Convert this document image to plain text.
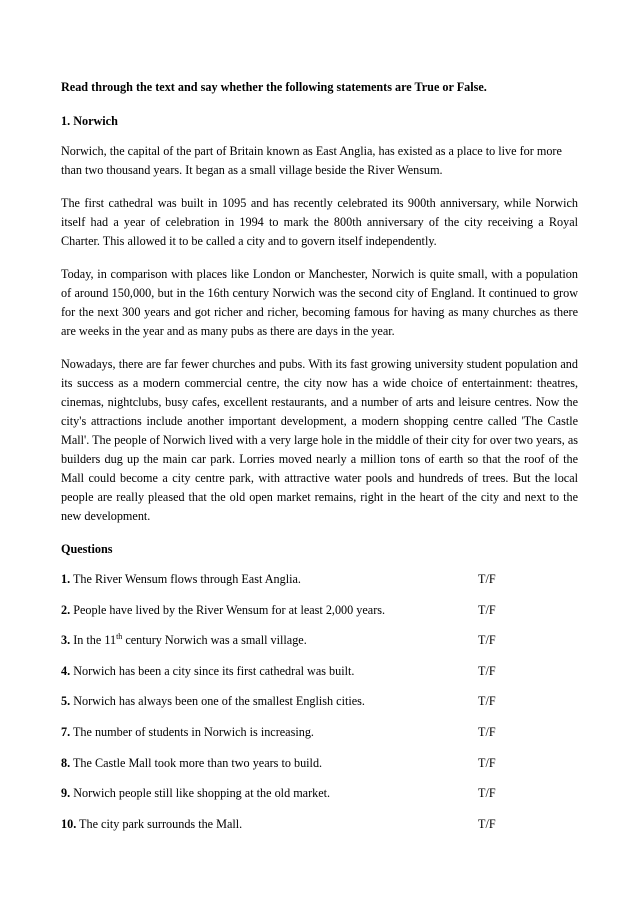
Read through the text and say whether the following statements are True or False.

1. Norwich

Norwich, the capital of the part of Britain known as East Anglia, has existed as a place to live for more than two thousand years. It began as a small village beside the River Wensum.

The first cathedral was built in 1095 and has recently celebrated its 900th anniversary, while Norwich itself had a year of celebration in 1994 to mark the 800th anniversary of the city receiving a Royal Charter. This allowed it to be called a city and to govern itself independently.

Today, in comparison with places like London or Manchester, Norwich is quite small, with a population of around 150,000, but in the 16th century Norwich was the second city of England. It continued to grow for the next 300 years and got richer and richer, becoming famous for having as many churches as there are weeks in the year and as many pubs as there are days in the year.

Nowadays, there are far fewer churches and pubs. With its fast growing university student population and its success as a modern commercial centre, the city now has a wide choice of entertainment: theatres, cinemas, nightclubs, busy cafes, excellent restaurants, and a number of arts and leisure centres. Now the city's attractions include another important development, a modern shopping centre called 'The Castle Mall'. The people of Norwich lived with a very large hole in the middle of their city for over two years, as builders dug up the main car park. Lorries moved nearly a million tons of earth so that the roof of the Mall could become a city centre park, with attractive water pools and hundreds of trees. But the local people are really pleased that the old open market remains, right in the heart of the city and next to the new development.

Questions

1. The River Wensum flows through East Anglia.	T/F
2. People have lived by the River Wensum for at least 2,000 years.	T/F
3. In the 11th century Norwich was a small village.	T/F
4. Norwich has been a city since its first cathedral was built.	T/F
5. Norwich has always been one of the smallest English cities.	T/F
7. The number of students in Norwich is increasing.	T/F
8. The Castle Mall took more than two years to build.	T/F
9. Norwich people still like shopping at the old market.	T/F
10. The city park surrounds the Mall.	T/F
